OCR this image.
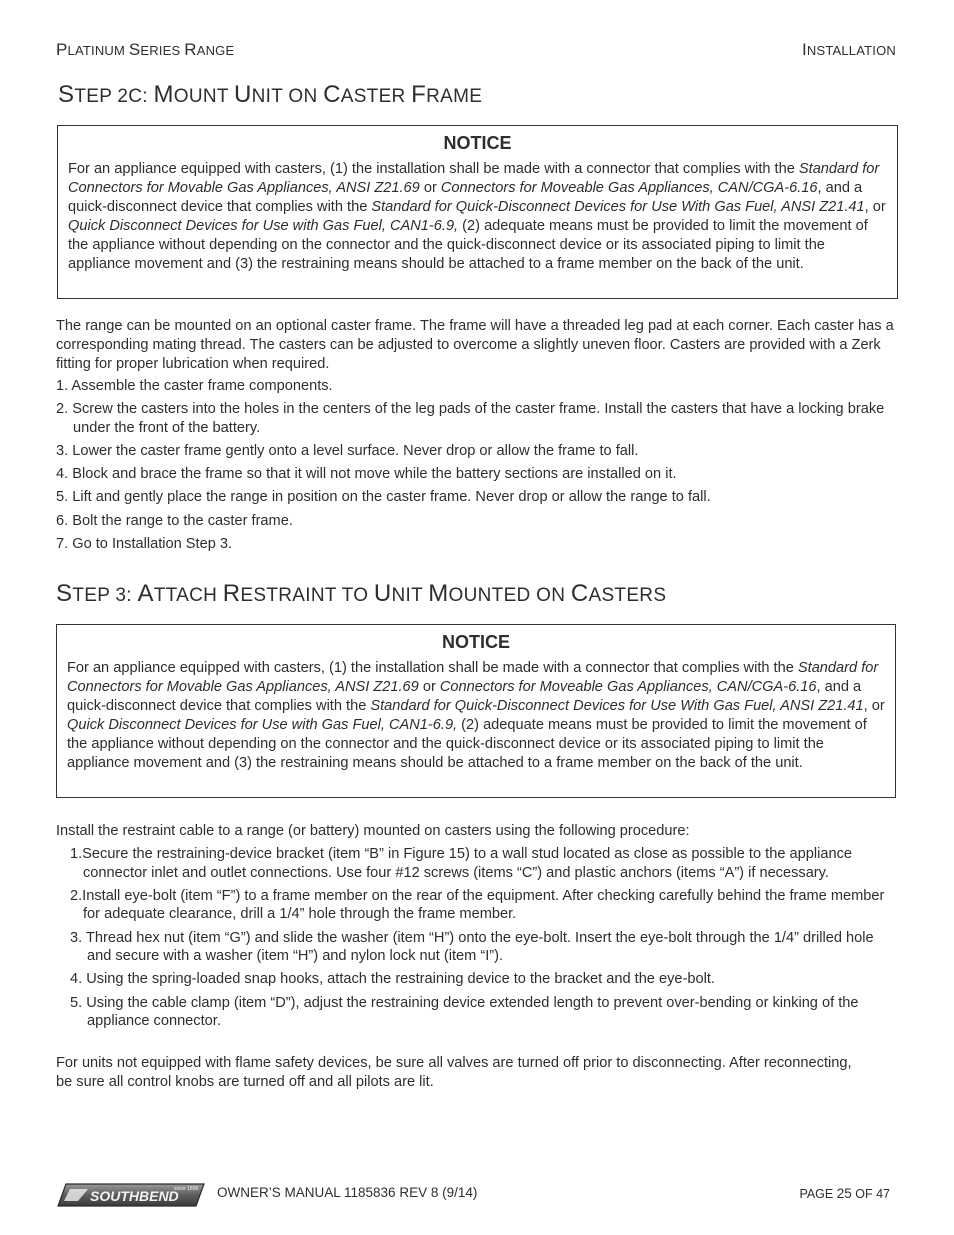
PLATINUM SERIES RANGE	INSTALLATION
STEP 2C: MOUNT UNIT ON CASTER FRAME
NOTICE

For an appliance equipped with casters, (1) the installation shall be made with a connector that complies with the Standard for Connectors for Movable Gas Appliances, ANSI Z21.69 or Connectors for Moveable Gas Appliances, CAN/CGA-6.16, and a quick-disconnect device that complies with the Standard for Quick-Disconnect Devices for Use With Gas Fuel, ANSI Z21.41, or Quick Disconnect Devices for Use with Gas Fuel, CAN1-6.9, (2) adequate means must be provided to limit the movement of the appliance without depending on the connector and the quick-disconnect device or its associated piping to limit the appliance movement and (3) the restraining means should be attached to a frame member on the back of the unit.

The range can be mounted on an optional caster frame. The frame will have a threaded leg pad at each corner. Each caster has a corresponding mating thread. The casters can be adjusted to overcome a slightly uneven floor. Casters are provided with a Zerk fitting for proper lubrication when required.

1. Assemble the caster frame components.
2. Screw the casters into the holes in the centers of the leg pads of the caster frame. Install the casters that have a locking brake under the front of the battery.
3. Lower the caster frame gently onto a level surface. Never drop or allow the frame to fall.
4. Block and brace the frame so that it will not move while the battery sections are installed on it.
5. Lift and gently place the range in position on the caster frame. Never drop or allow the range to fall.
6. Bolt the range to the caster frame.
7. Go to Installation Step 3.
STEP 3: ATTACH RESTRAINT TO UNIT MOUNTED ON CASTERS
NOTICE

For an appliance equipped with casters, (1) the installation shall be made with a connector that complies with the Standard for Connectors for Movable Gas Appliances, ANSI Z21.69 or Connectors for Moveable Gas Appliances, CAN/CGA-6.16, and a quick-disconnect device that complies with the Standard for Quick-Disconnect Devices for Use With Gas Fuel, ANSI Z21.41, or Quick Disconnect Devices for Use with Gas Fuel, CAN1-6.9, (2) adequate means must be provided to limit the movement of the appliance without depending on the connector and the quick-disconnect device or its associated piping to limit the appliance movement and (3) the restraining means should be attached to a frame member on the back of the unit.

Install the restraint cable to a range (or battery) mounted on casters using the following procedure:

1.Secure the restraining-device bracket (item “B” in Figure 15) to a wall stud located as close as possible to the appliance connector inlet and outlet connections. Use four #12 screws (items “C”) and plastic anchors (items “A”) if necessary.
2.Install eye-bolt (item “F”) to a frame member on the rear of the equipment. After checking carefully behind the frame member for adequate clearance, drill a 1/4” hole through the frame member.
3. Thread hex nut (item “G”) and slide the washer (item “H”) onto the eye-bolt. Insert the eye-bolt through the 1/4” drilled hole and secure with a washer (item “H”) and nylon lock nut (item “I”).
4. Using the spring-loaded snap hooks, attach the restraining device to the bracket and the eye-bolt.
5. Using the cable clamp (item “D”), adjust the restraining device extended length to prevent over-bending or kinking of the appliance connector.

For units not equipped with flame safety devices, be sure all valves are turned off prior to disconnecting. After reconnecting, be sure all control knobs are turned off and all pilots are lit.

SOUTHBEND
since 1898 OWNER’S MANUAL 1185836 REV 8 (9/14)	PAGE 25 OF 47
